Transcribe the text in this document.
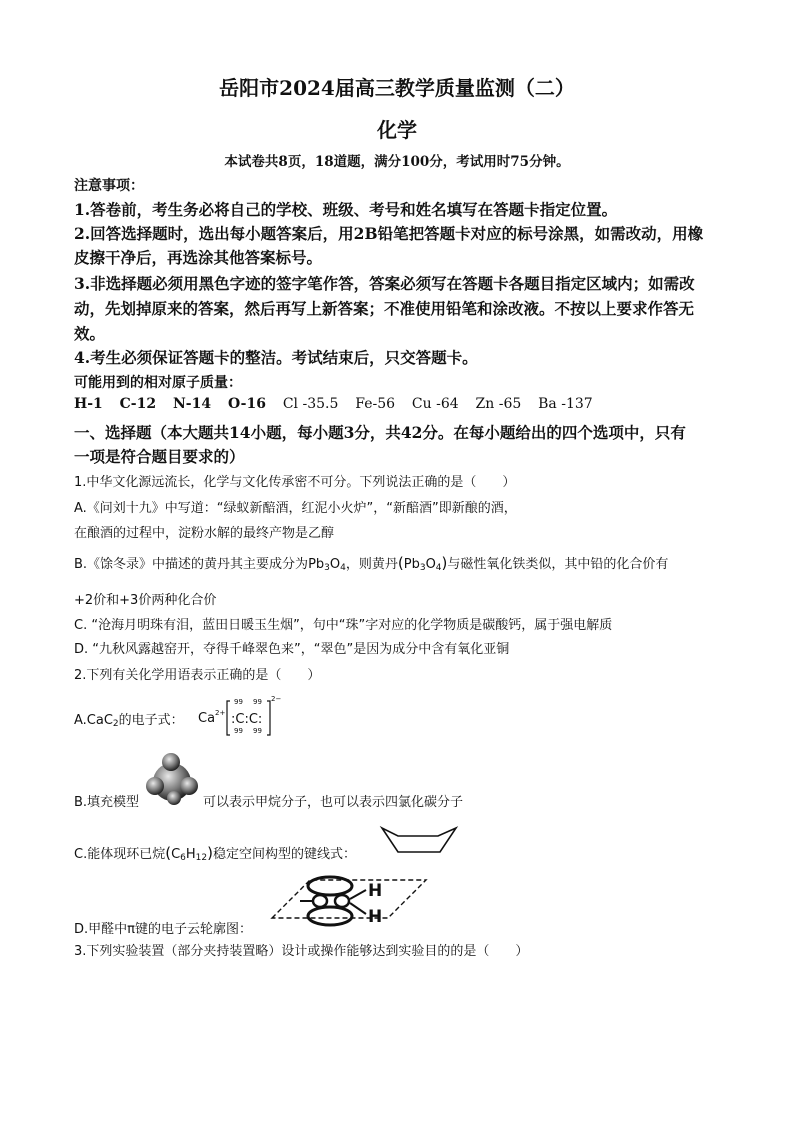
岳阳市2024届高三教学质量监测（二）
化学
本试卷共8页，18道题，满分100分，考试用时75分钟。
注意事项：
1.答卷前，考生务必将自己的学校、班级、考号和姓名填写在答题卡指定位置。
2.回答选择题时，选出每小题答案后，用2B铅笔把答题卡对应的标号涂黑，如需改动，用橡
皮擦干净后，再选涂其他答案标号。
3.非选择题必须用黑色字迹的签字笔作答，答案必须写在答题卡各题目指定区域内；如需改
动，先划掉原来的答案，然后再写上新答案；不准使用铅笔和涂改液。不按以上要求作答无
效。
4.考生必须保证答题卡的整洁。考试结束后，只交答题卡。
可能用到的相对原子质量：
H-1 C-12 N-14 O-16 Cl -35.5 Fe-56 Cu -64 Zn -65 Ba -137
一、选择题（本大题共14小题，每小题3分，共42分。在每小题给出的四个选项中，只有
一项是符合题目要求的）
1.中华文化源远流长，化学与文化传承密不可分。下列说法正确的是（　　）
A.《问刘十九》中写道：“绿蚁新醅酒，红泥小火炉”，“新醅酒”即新酿的酒，
在酿酒的过程中，淀粉水解的最终产物是乙醇
B.《馀冬录》中描述的黄丹其主要成分为$Pb_3O_4$，则黄丹$(Pb_3O_4)$与磁性氧化铁类似，其中铅的化合价有
+2价和+3价两种化合价
C. “沧海月明珠有泪，蓝田日暖玉生烟”，句中“珠”字对应的化学物质是碳酸钙，属于强电解质
D. “九秋风露越窑开，夺得千峰翠色来”，“翠色”是因为成分中含有氧化亚铜
2.下列有关化学用语表示正确的是（　　）
A.CaC$_2$的电子式： Ca 2+
99 99
:C:C:
99 99
2−
B.填充模型	可以表示甲烷分子，也可以表示四氯化碳分子
C.能体现环已烷$(C_6H_{12})$稳定空间构型的键线式：
D.甲醛中π键的电子云轮廓图：
H
H
3.下列实验装置（部分夹持装置略）设计或操作能够达到实验目的的是（　　）
